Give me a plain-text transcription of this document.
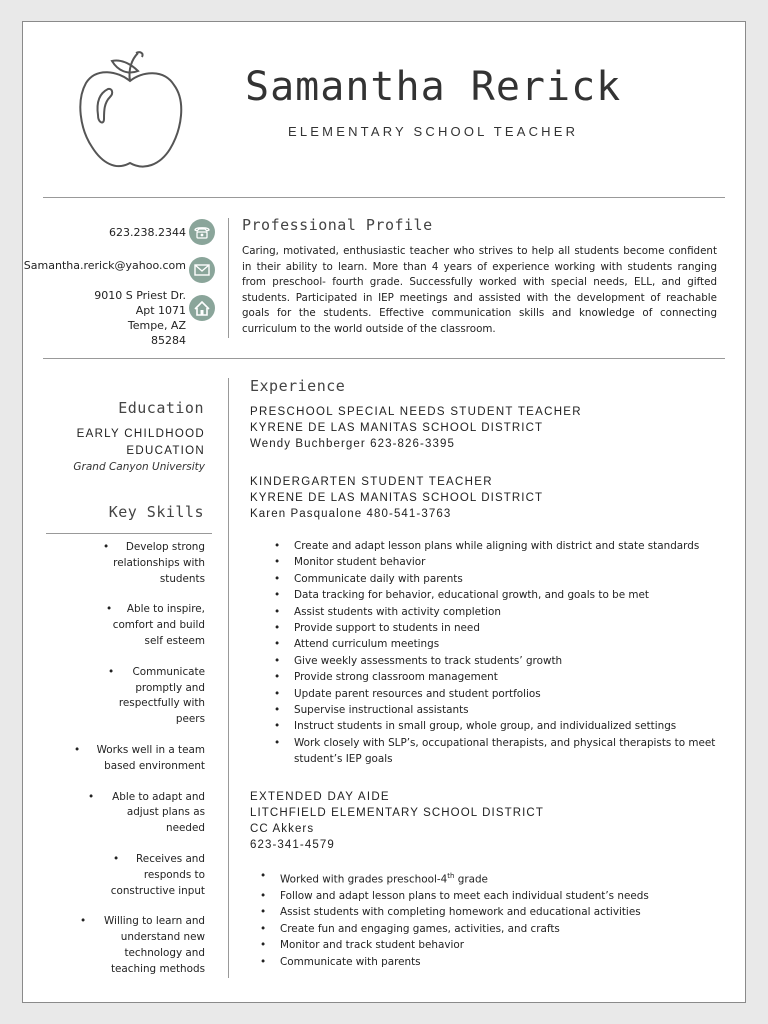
Samantha Rerick
ELEMENTARY SCHOOL TEACHER
623.238.2344
Samantha.rerick@yahoo.com
9010 S Priest Dr.
Apt 1071
Tempe, AZ
85284
Professional Profile
Caring, motivated, enthusiastic teacher who strives to help all students become confident in their ability to learn. More than 4 years of experience working with students ranging from preschool- fourth grade. Successfully worked with special needs, ELL, and gifted students. Participated in IEP meetings and assisted with the development of reachable goals for the students. Effective communication skills and knowledge of connecting curriculum to the world outside of the classroom.
Education
EARLY CHILDHOOD
EDUCATION
Grand Canyon University
Key Skills
• Develop strong relationships with students
• Able to inspire, comfort and build self esteem
• Communicate promptly and respectfully with peers
• Works well in a team based environment
• Able to adapt and adjust plans as needed
• Receives and responds to constructive input
• Willing to learn and understand new technology and teaching methods
Experience
PRESCHOOL SPECIAL NEEDS STUDENT TEACHER
KYRENE DE LAS MANITAS SCHOOL DISTRICT
Wendy Buchberger 623-826-3395
KINDERGARTEN STUDENT TEACHER
KYRENE DE LAS MANITAS SCHOOL DISTRICT
Karen Pasqualone 480-541-3763
• Create and adapt lesson plans while aligning with district and state standards
• Monitor student behavior
• Communicate daily with parents
• Data tracking for behavior, educational growth, and goals to be met
• Assist students with activity completion
• Provide support to students in need
• Attend curriculum meetings
• Give weekly assessments to track students’ growth
• Provide strong classroom management
• Update parent resources and student portfolios
• Supervise instructional assistants
• Instruct students in small group, whole group, and individualized settings
• Work closely with SLP’s, occupational therapists, and physical therapists to meet student’s IEP goals
EXTENDED DAY AIDE
LITCHFIELD ELEMENTARY SCHOOL DISTRICT
CC Akkers
623-341-4579
• Worked with grades preschool-4th grade
• Follow and adapt lesson plans to meet each individual student’s needs
• Assist students with completing homework and educational activities
• Create fun and engaging games, activities, and crafts
• Monitor and track student behavior
• Communicate with parents
